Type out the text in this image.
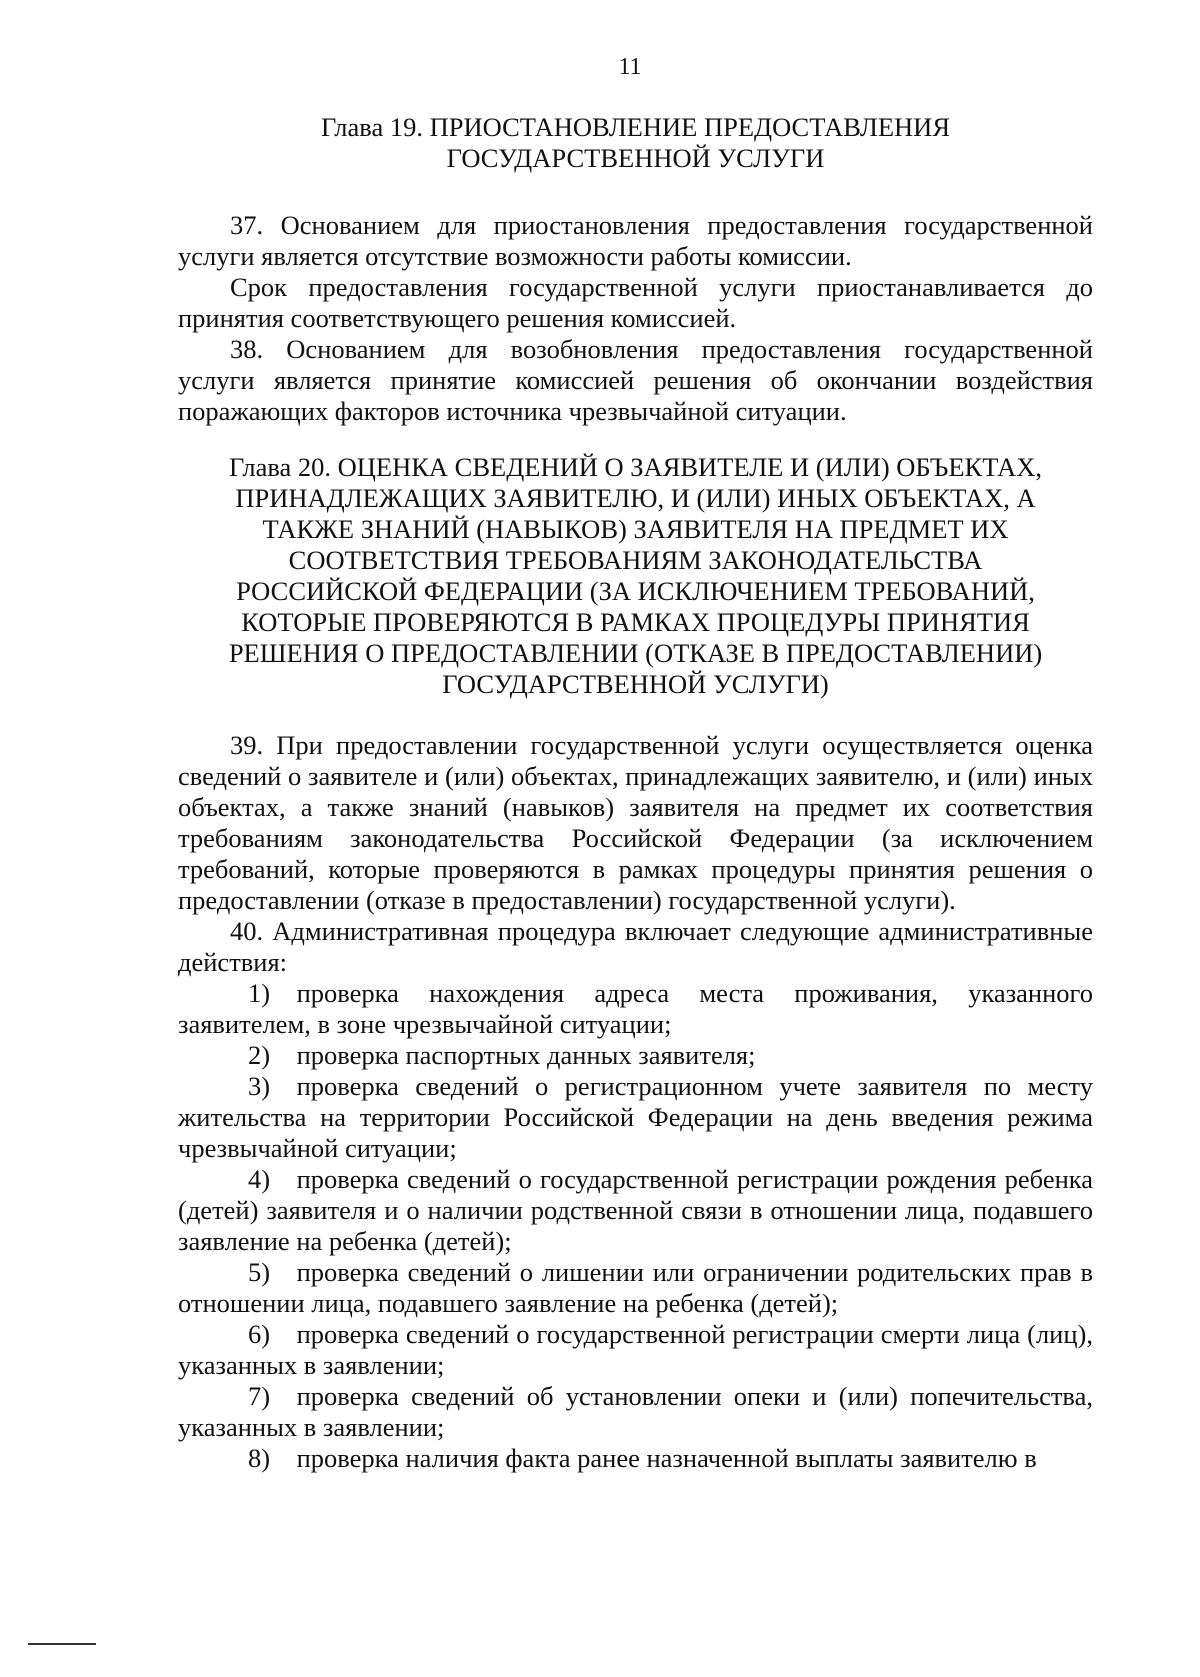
11
Глава 19. ПРИОСТАНОВЛЕНИЕ ПРЕДОСТАВЛЕНИЯ
ГОСУДАРСТВЕННОЙ УСЛУГИ

37. Основанием для приостановления предоставления государственной услуги является отсутствие возможности работы комиссии.

Срок предоставления государственной услуги приостанавливается до принятия соответствующего решения комиссией.

38. Основанием для возобновления предоставления государственной услуги является принятие комиссией решения об окончании воздействия поражающих факторов источника чрезвычайной ситуации.

Глава 20. ОЦЕНКА СВЕДЕНИЙ О ЗАЯВИТЕЛЕ И (ИЛИ) ОБЪЕКТАХ,
ПРИНАДЛЕЖАЩИХ ЗАЯВИТЕЛЮ, И (ИЛИ) ИНЫХ ОБЪЕКТАХ, А
ТАКЖЕ ЗНАНИЙ (НАВЫКОВ) ЗАЯВИТЕЛЯ НА ПРЕДМЕТ ИХ
СООТВЕТСТВИЯ ТРЕБОВАНИЯМ ЗАКОНОДАТЕЛЬСТВА
РОССИЙСКОЙ ФЕДЕРАЦИИ (ЗА ИСКЛЮЧЕНИЕМ ТРЕБОВАНИЙ,
КОТОРЫЕ ПРОВЕРЯЮТСЯ В РАМКАХ ПРОЦЕДУРЫ ПРИНЯТИЯ
РЕШЕНИЯ О ПРЕДОСТАВЛЕНИИ (ОТКАЗЕ В ПРЕДОСТАВЛЕНИИ)
ГОСУДАРСТВЕННОЙ УСЛУГИ)

39. При предоставлении государственной услуги осуществляется оценка сведений о заявителе и (или) объектах, принадлежащих заявителю, и (или) иных объектах, а также знаний (навыков) заявителя на предмет их соответствия требованиям законодательства Российской Федерации (за исключением требований, которые проверяются в рамках процедуры принятия решения о предоставлении (отказе в предоставлении) государственной услуги).

40. Административная процедура включает следующие административные действия:

1) проверка нахождения адреса места проживания, указанного заявителем, в зоне чрезвычайной ситуации;

2) проверка паспортных данных заявителя;

3) проверка сведений о регистрационном учете заявителя по месту жительства на территории Российской Федерации на день введения режима чрезвычайной ситуации;

4) проверка сведений о государственной регистрации рождения ребенка (детей) заявителя и о наличии родственной связи в отношении лица, подавшего заявление на ребенка (детей);

5) проверка сведений о лишении или ограничении родительских прав в отношении лица, подавшего заявление на ребенка (детей);

6) проверка сведений о государственной регистрации смерти лица (лиц), указанных в заявлении;

7) проверка сведений об установлении опеки и (или) попечительства, указанных в заявлении;

8) проверка наличия факта ранее назначенной выплаты заявителю в
